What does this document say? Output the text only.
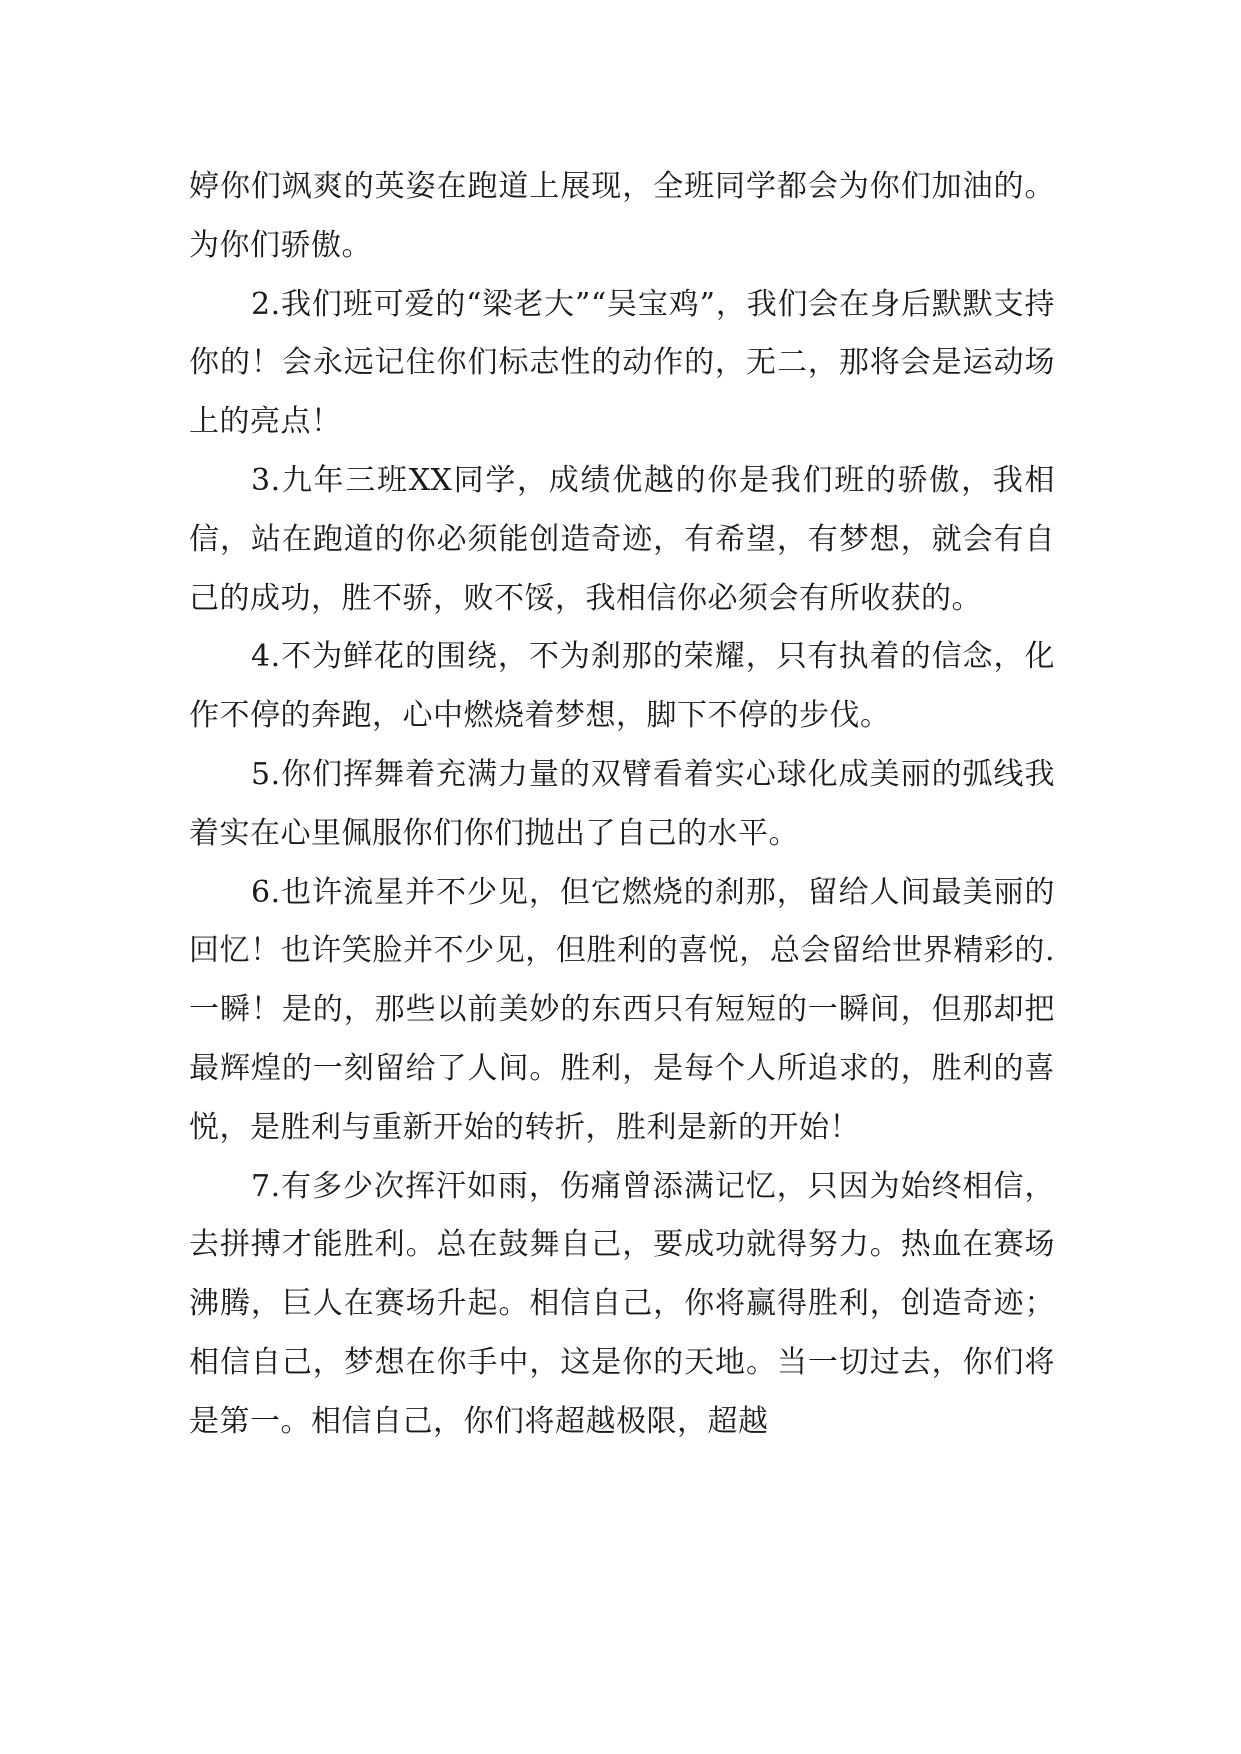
婷你们飒爽的英姿在跑道上展现，全班同学都会为你们加油的。为你们骄傲。

2.我们班可爱的“梁老大”“吴宝鸡”，我们会在身后默默支持你的！会永远记住你们标志性的动作的，无二，那将会是运动场上的亮点！

3.九年三班XX同学，成绩优越的你是我们班的骄傲，我相信，站在跑道的你必须能创造奇迹，有希望，有梦想，就会有自己的成功，胜不骄，败不馁，我相信你必须会有所收获的。

4.不为鲜花的围绕，不为刹那的荣耀，只有执着的信念，化作不停的奔跑，心中燃烧着梦想，脚下不停的步伐。

5.你们挥舞着充满力量的双臂看着实心球化成美丽的弧线我着实在心里佩服你们你们抛出了自己的水平。

6.也许流星并不少见，但它燃烧的刹那，留给人间最美丽的回忆！也许笑脸并不少见，但胜利的喜悦，总会留给世界精彩的.一瞬！是的，那些以前美妙的东西只有短短的一瞬间，但那却把最辉煌的一刻留给了人间。胜利，是每个人所追求的，胜利的喜悦，是胜利与重新开始的转折，胜利是新的开始！

7.有多少次挥汗如雨，伤痛曾添满记忆，只因为始终相信，去拼搏才能胜利。总在鼓舞自己，要成功就得努力。热血在赛场沸腾，巨人在赛场升起。相信自己，你将赢得胜利，创造奇迹；相信自己，梦想在你手中，这是你的天地。当一切过去，你们将是第一。相信自己，你们将超越极限，超越
